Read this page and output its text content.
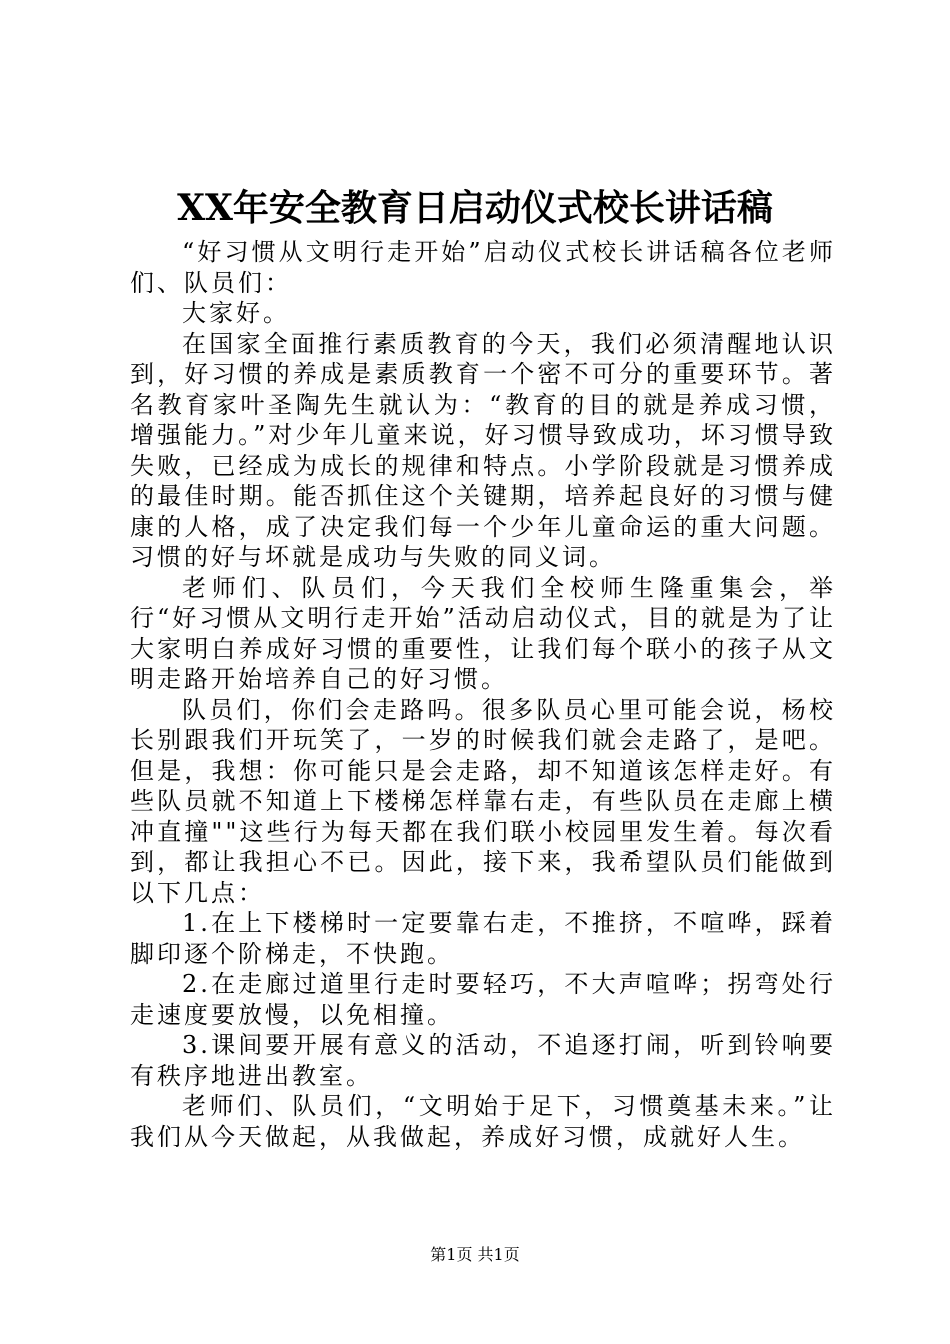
XX年安全教育日启动仪式校长讲话稿

“好习惯从文明行走开始”启动仪式校长讲话稿各位老师们、队员们：

大家好。

在国家全面推行素质教育的今天，我们必须清醒地认识到，好习惯的养成是素质教育一个密不可分的重要环节。著名教育家叶圣陶先生就认为：“教育的目的就是养成习惯，增强能力。”对少年儿童来说，好习惯导致成功，坏习惯导致失败，已经成为成长的规律和特点。小学阶段就是习惯养成的最佳时期。能否抓住这个关键期，培养起良好的习惯与健康的人格，成了决定我们每一个少年儿童命运的重大问题。习惯的好与坏就是成功与失败的同义词。

老师们、队员们，今天我们全校师生隆重集会，举行“好习惯从文明行走开始”活动启动仪式，目的就是为了让大家明白养成好习惯的重要性，让我们每个联小的孩子从文明走路开始培养自己的好习惯。

队员们，你们会走路吗。很多队员心里可能会说，杨校长别跟我们开玩笑了，一岁的时候我们就会走路了，是吧。但是，我想：你可能只是会走路，却不知道该怎样走好。有些队员就不知道上下楼梯怎样靠右走，有些队员在走廊上横冲直撞""这些行为每天都在我们联小校园里发生着。每次看到，都让我担心不已。因此，接下来，我希望队员们能做到以下几点：

1.在上下楼梯时一定要靠右走，不推挤，不喧哗，踩着脚印逐个阶梯走，不快跑。

2.在走廊过道里行走时要轻巧，不大声喧哗；拐弯处行走速度要放慢，以免相撞。

3.课间要开展有意义的活动，不追逐打闹，听到铃响要有秩序地进出教室。

老师们、队员们，“文明始于足下，习惯奠基未来。”让我们从今天做起，从我做起，养成好习惯，成就好人生。

第1页 共1页
